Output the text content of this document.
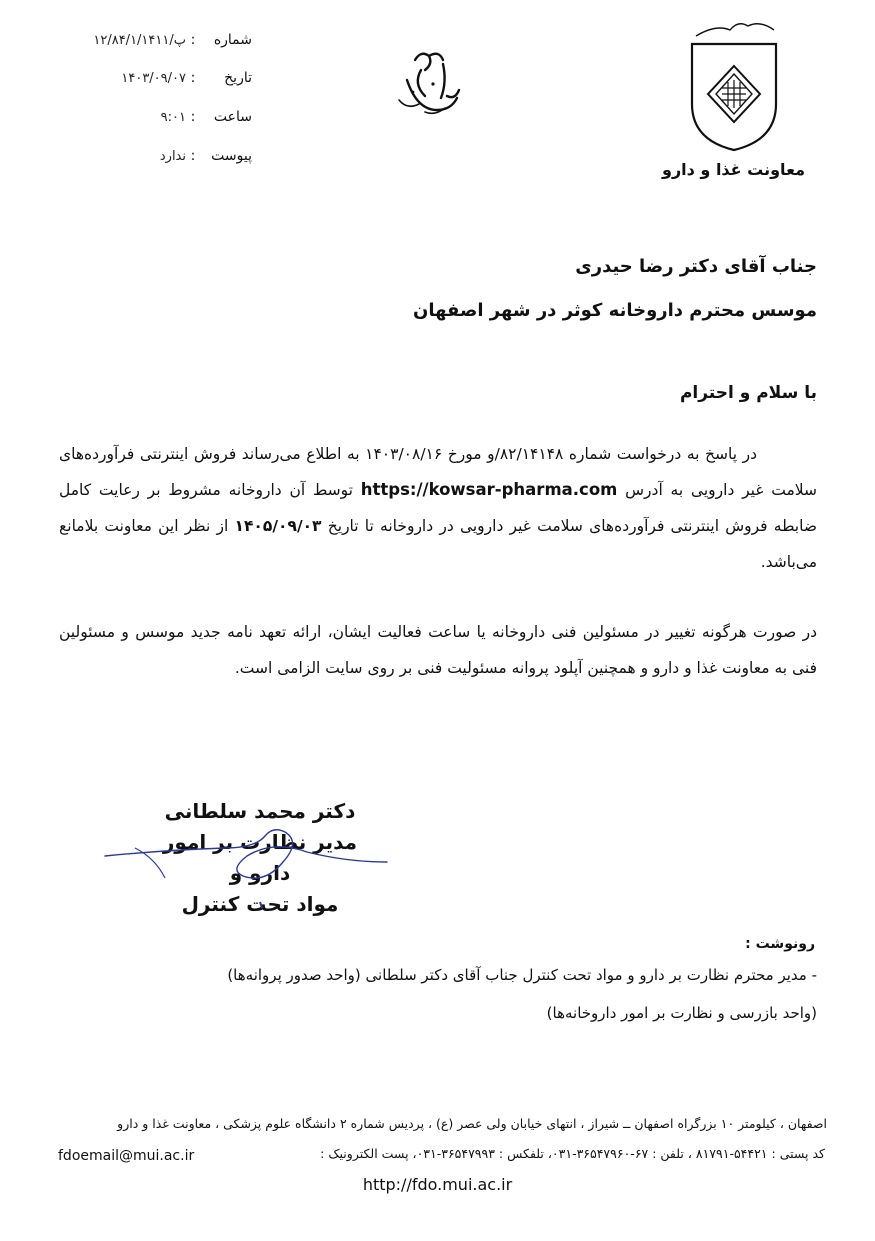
شماره
:
۱۲/۸۴/۱/۱۴۱۱/پ
تاریخ
:
۱۴۰۳/۰۹/۰۷
ساعت
:
۹:۰۱
پیوست
:
ندارد
معاونت غذا و دارو
جناب آقای دکتر رضا حیدری
موسس محترم داروخانه کوثر در شهر اصفهان
با سلام و احترام
در پاسخ به درخواست شماره ۸۲/۱۴۱۴۸/و مورخ ۱۴۰۳/۰۸/۱۶ به اطلاع می‌رساند فروش اینترنتی فرآورده‌های سلامت غیر دارویی به آدرس https://kowsar-pharma.com توسط آن داروخانه مشروط بر رعایت کامل ضابطه فروش اینترنتی فرآورده‌های سلامت غیر دارویی در داروخانه تا تاریخ ۱۴۰۵/۰۹/۰۳ از نظر این معاونت بلامانع می‌باشد.
در صورت هرگونه تغییر در مسئولین فنی داروخانه یا ساعت فعالیت ایشان، ارائه تعهد نامه جدید موسس و مسئولین فنی به معاونت غذا و دارو و همچنین آپلود پروانه مسئولیت فنی بر روی سایت الزامی است.
دکتر محمد سلطانی
مدیر نظارت بر امور دارو و
مواد تحت کنترل
رونوشت :
- مدیر محترم نظارت بر دارو و مواد تحت کنترل جناب آقای دکتر سلطانی (واحد صدور پروانه‌ها)
(واحد بازرسی و نظارت بر امور داروخانه‌ها)
اصفهان ، کیلومتر ۱۰ بزرگراه اصفهان ــ شیراز ، انتهای خیابان ولی عصر (ع) ، پردیس شماره ۲ دانشگاه علوم پزشکی ، معاونت غذا و دارو
کد پستی : ۵۴۴۲۱-۸۱۷۹۱ ، تلفن : ۶۷-۳۶۵۴۷۹۶۰-۰۳۱، تلفکس : ۳۶۵۴۷۹۹۳-۰۳۱، پست الکترونیک :
fdoemail@mui.ac.ir
http://fdo.mui.ac.ir
